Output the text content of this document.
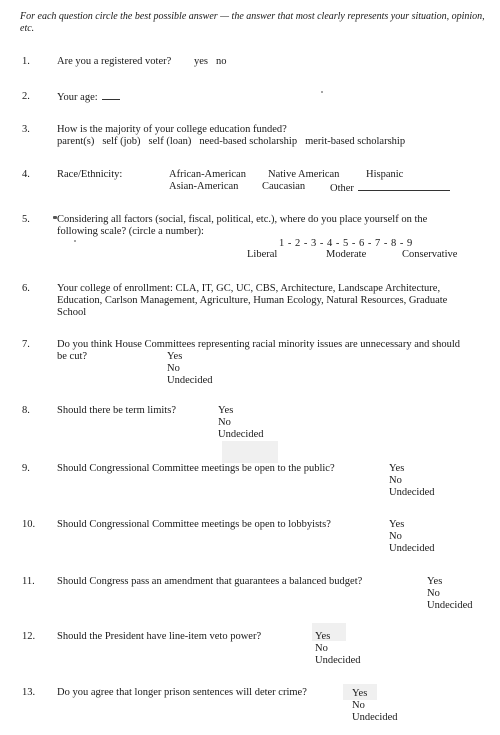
For each question circle the best possible answer — the answer that most clearly represents your situation, opinion, etc.
1.	Are you a registered voter? yes no
2.	Your age:
3.	How is the majority of your college education funded?
parent(s) self (job) self (loan) need-based scholarship merit-based scholarship
4.	Race/Ethnicity:	African-American Native American	Hispanic
Asian-American Caucasian Other
5.	Considering all factors (social, fiscal, political, etc.), where do you place yourself on the following scale? (circle a number):
1 - 2 - 3 - 4 - 5 - 6 - 7 - 8 - 9
Liberal	Moderate	Conservative
6.	Your college of enrollment: CLA, IT, GC, UC, CBS, Architecture, Landscape Architecture, Education, Carlson Management, Agriculture, Human Ecology, Natural Resources, Graduate School
7.	Do you think House Committees representing racial minority issues are unnecessary and should be cut?	Yes
No
Undecided
8.	Should there be term limits?	Yes
No
Undecided
9.	Should Congressional Committee meetings be open to the public?	Yes
No
Undecided
10.	Should Congressional Committee meetings be open to lobbyists?	Yes
No
Undecided
11.	Should Congress pass an amendment that guarantees a balanced budget?	Yes
No
Undecided
12.	Should the President have line-item veto power?	Yes
No
Undecided
13.	Do you agree that longer prison sentences will deter crime?	Yes
No
Undecided
